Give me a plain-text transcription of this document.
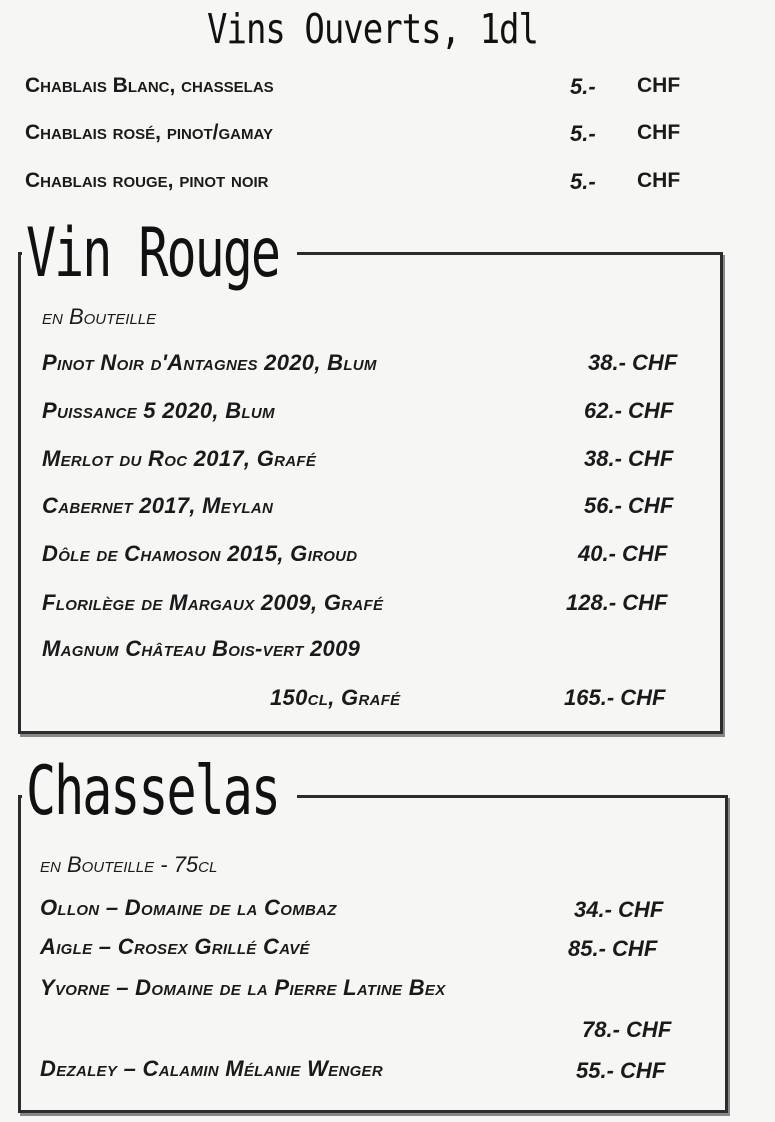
Vins Ouverts, 1dl
Chablais Blanc, chasselas	5.-	CHF
Chablais rosé, pinot/gamay	5.-	CHF
Chablais rouge, pinot noir	5.-	CHF
Vin Rouge
en Bouteille
Pinot Noir d'Antagnes 2020, Blum	38.- CHF
Puissance 5 2020, Blum	62.- CHF
Merlot du Roc 2017, Grafé	38.- CHF
Cabernet 2017, Meylan	56.- CHF
Dôle de Chamoson 2015, Giroud	40.- CHF
Florilège de Margaux 2009, Grafé	128.- CHF
Magnum Château Bois-vert 2009
150cl, Grafé	165.- CHF
Chasselas
en Bouteille - 75cl
Ollon – Domaine de la Combaz	34.- CHF
Aigle – Crosex Grillé Cavé	85.- CHF
Yvorne – Domaine de la Pierre Latine Bex
78.- CHF
Dezaley – Calamin Mélanie Wenger	55.- CHF
